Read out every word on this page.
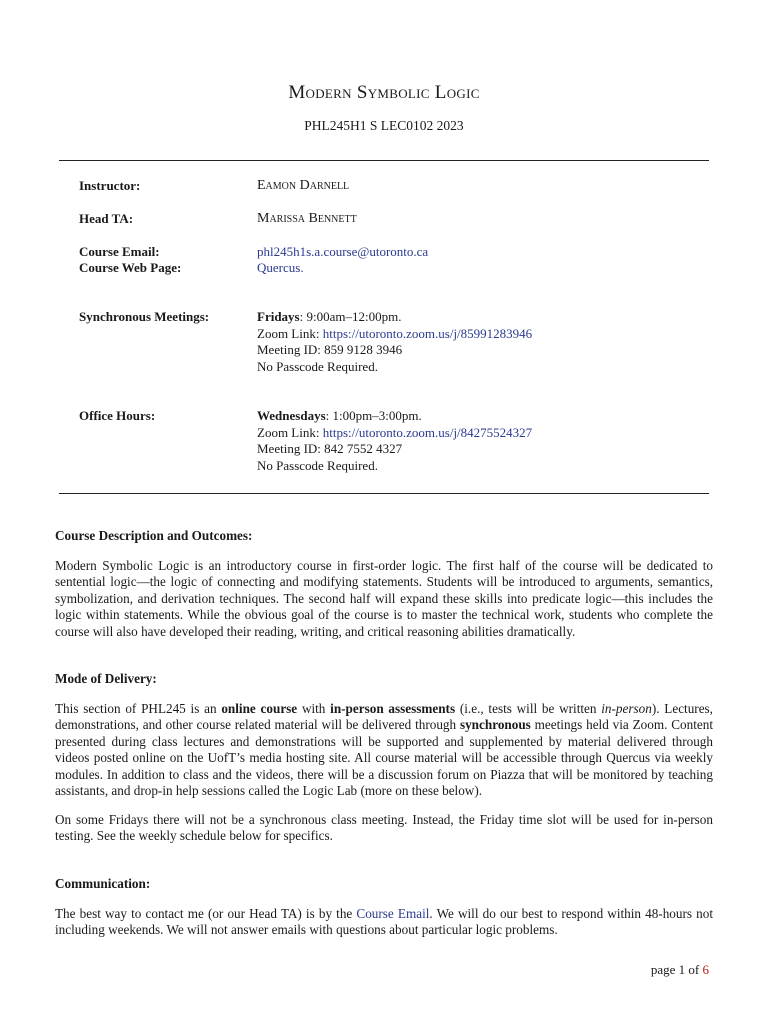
Modern Symbolic Logic
PHL245H1 S LEC0102 2023
Instructor:	Eamon Darnell
Head TA:	Marissa Bennett
Course Email:	phl245h1s.a.course@utoronto.ca
Course Web Page:	Quercus.
Synchronous Meetings:	Fridays: 9:00am–12:00pm.
Zoom Link: https://utoronto.zoom.us/j/85991283946
Meeting ID: 859 9128 3946
No Passcode Required.
Office Hours:	Wednesdays: 1:00pm–3:00pm.
Zoom Link: https://utoronto.zoom.us/j/84275524327
Meeting ID: 842 7552 4327
No Passcode Required.

Course Description and Outcomes:

Modern Symbolic Logic is an introductory course in first-order logic. The first half of the course will be dedicated to sentential logic—the logic of connecting and modifying statements. Students will be introduced to arguments, semantics, symbolization, and derivation techniques. The second half will expand these skills into predicate logic—this includes the logic within statements. While the obvious goal of the course is to master the technical work, students who complete the course will also have developed their reading, writing, and critical reasoning abilities dramatically.

Mode of Delivery:

This section of PHL245 is an online course with in-person assessments (i.e., tests will be written in-person). Lectures, demonstrations, and other course related material will be delivered through synchronous meetings held via Zoom. Content presented during class lectures and demonstrations will be supported and supplemented by material delivered through videos posted online on the UofT’s media hosting site. All course material will be accessible through Quercus via weekly modules. In addition to class and the videos, there will be a discussion forum on Piazza that will be monitored by teaching assistants, and drop-in help sessions called the Logic Lab (more on these below).

On some Fridays there will not be a synchronous class meeting. Instead, the Friday time slot will be used for in-person testing. See the weekly schedule below for specifics.

Communication:

The best way to contact me (or our Head TA) is by the Course Email. We will do our best to respond within 48-hours not including weekends. We will not answer emails with questions about particular logic problems.

page 1 of 6
